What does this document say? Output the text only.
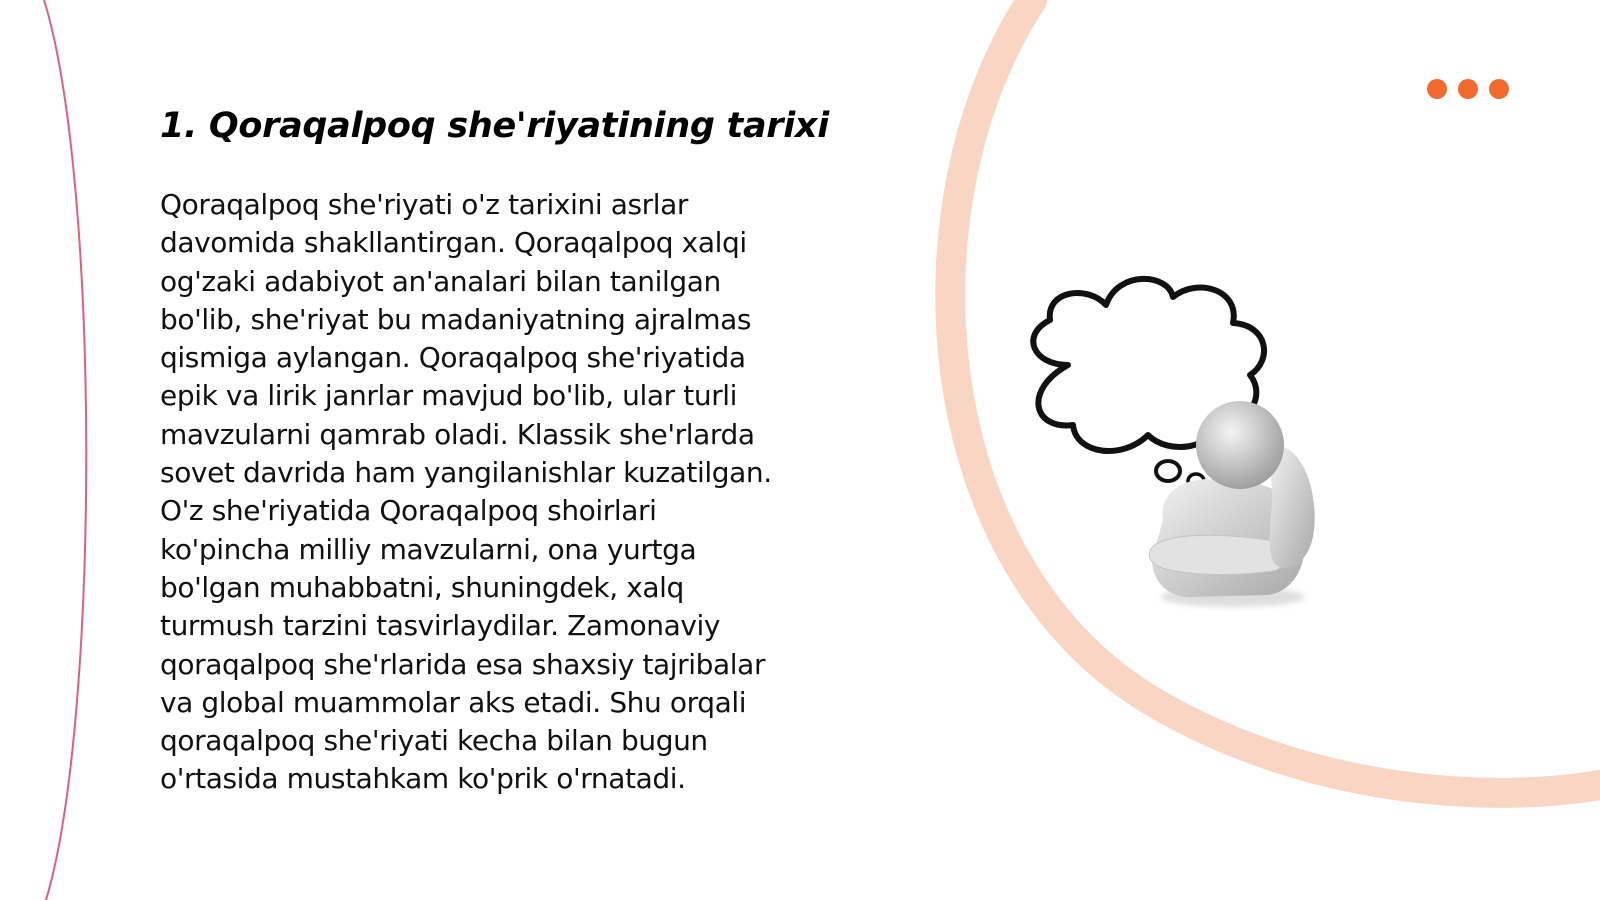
1. Qoraqalpoq she'riyatining tarixi

Qoraqalpoq she'riyati o'z tarixini asrlar
davomida shakllantirgan. Qoraqalpoq xalqi
og'zaki adabiyot an'analari bilan tanilgan
bo'lib, she'riyat bu madaniyatning ajralmas
qismiga aylangan. Qoraqalpoq she'riyatida
epik va lirik janrlar mavjud bo'lib, ular turli
mavzularni qamrab oladi. Klassik she'rlarda
sovet davrida ham yangilanishlar kuzatilgan.
O'z she'riyatida Qoraqalpoq shoirlari
ko'pincha milliy mavzularni, ona yurtga
bo'lgan muhabbatni, shuningdek, xalq
turmush tarzini tasvirlaydilar. Zamonaviy
qoraqalpoq she'rlarida esa shaxsiy tajribalar
va global muammolar aks etadi. Shu orqali
qoraqalpoq she'riyati kecha bilan bugun
o'rtasida mustahkam ko'prik o'rnatadi.
